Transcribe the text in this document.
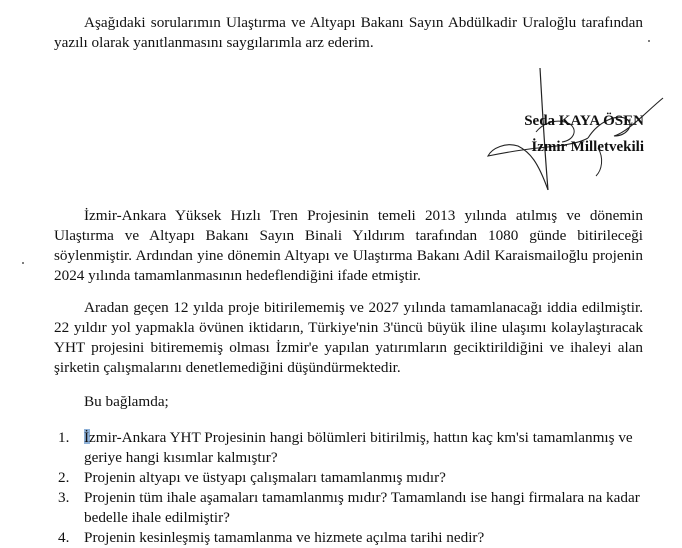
Aşağıdaki sorularımın Ulaştırma ve Altyapı Bakanı Sayın Abdülkadir Uraloğlu tarafından yazılı olarak yanıtlanmasını saygılarımla arz ederim.

Seda KAYA ÖSEN
İzmir Milletvekili

İzmir-Ankara Yüksek Hızlı Tren Projesinin temeli 2013 yılında atılmış ve dönemin Ulaştırma ve Altyapı Bakanı Sayın Binali Yıldırım tarafından 1080 günde bitirileceği söylenmiştir. Ardından yine dönemin Altyapı ve Ulaştırma Bakanı Adil Karaismailoğlu projenin 2024 yılında tamamlanmasının hedeflendiğini ifade etmiştir.

Aradan geçen 12 yılda proje bitirilememiş ve 2027 yılında tamamlanacağı iddia edilmiştir. 22 yıldır yol yapmakla övünen iktidarın, Türkiye'nin 3'üncü büyük iline ulaşımı kolaylaştıracak YHT projesini bitirememiş olması İzmir'e yapılan yatırımların geciktirildiğini ve ihaleyi alan şirketin çalışmalarını denetlemediğini düşündürmektedir.

Bu bağlamda;

1. İzmir-Ankara YHT Projesinin hangi bölümleri bitirilmiş, hattın kaç km'si tamamlanmış ve geriye hangi kısımlar kalmıştır?
2. Projenin altyapı ve üstyapı çalışmaları tamamlanmış mıdır?
3. Projenin tüm ihale aşamaları tamamlanmış mıdır? Tamamlandı ise hangi firmalara na kadar bedelle ihale edilmiştir?
4. Projenin kesinleşmiş tamamlanma ve hizmete açılma tarihi nedir?
